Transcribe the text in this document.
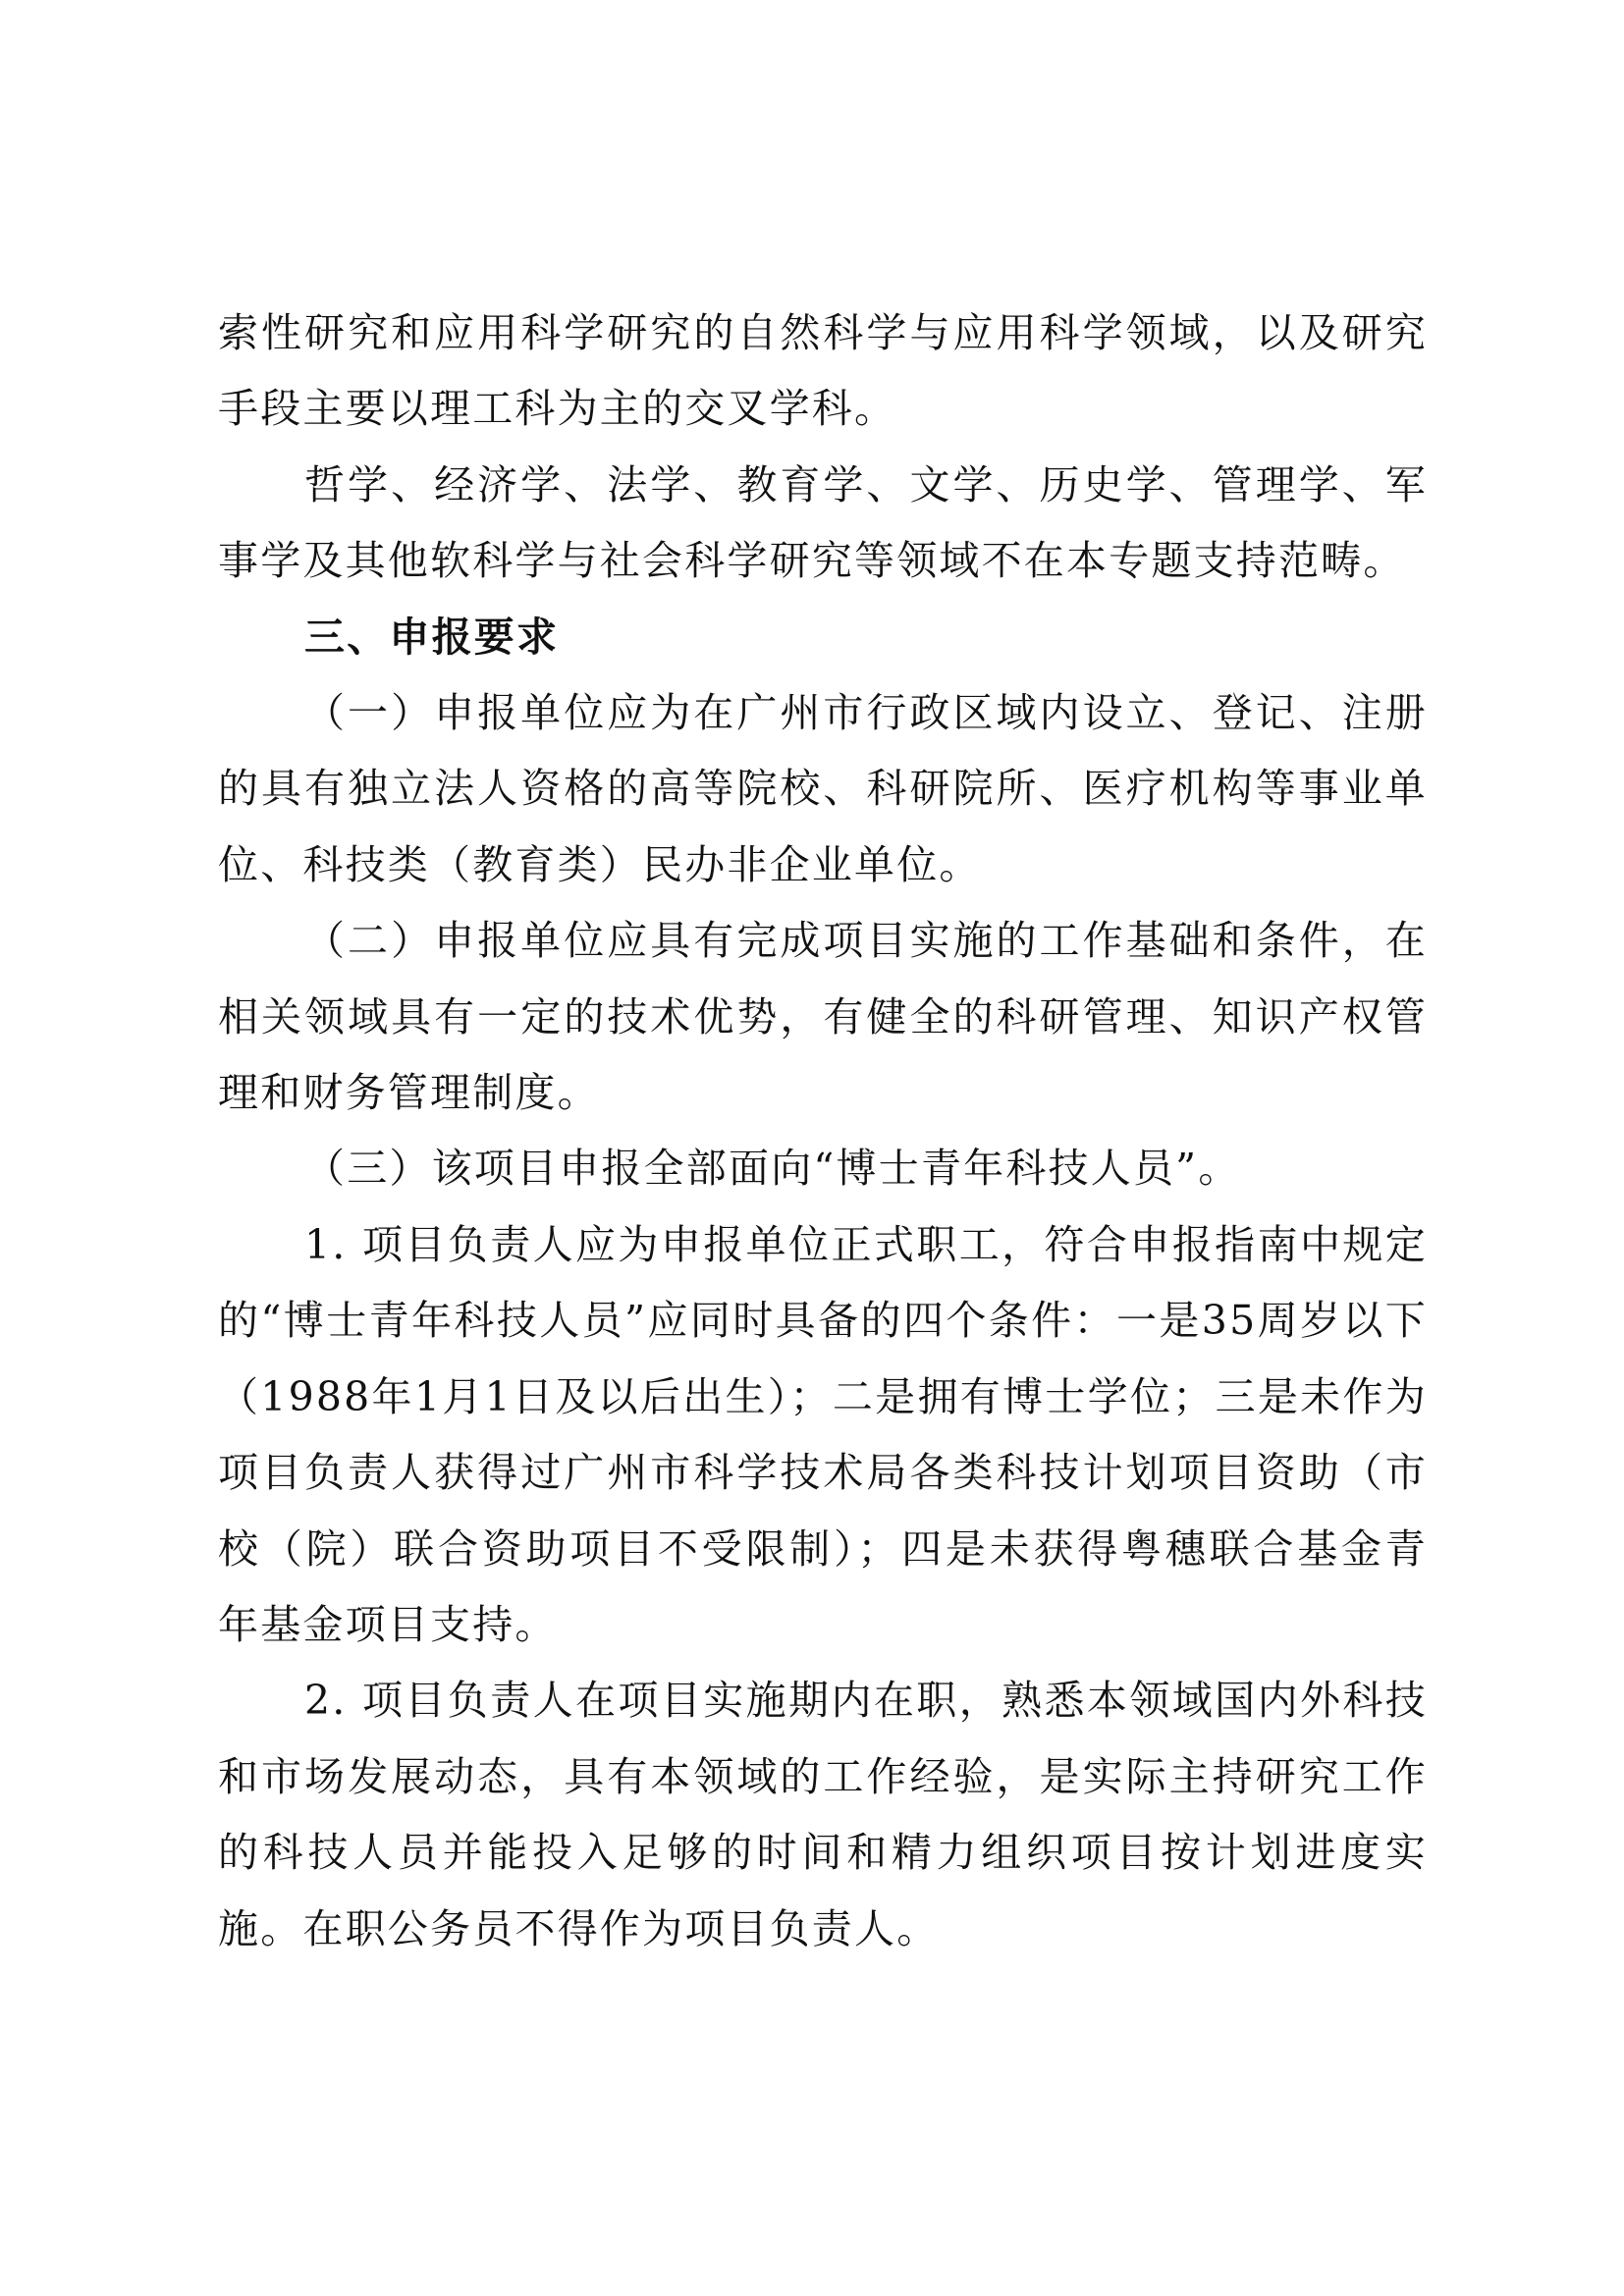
索性研究和应用科学研究的自然科学与应用科学领域，以及研究手段主要以理工科为主的交叉学科。

哲学、经济学、法学、教育学、文学、历史学、管理学、军事学及其他软科学与社会科学研究等领域不在本专题支持范畴。

三、申报要求

（一）申报单位应为在广州市行政区域内设立、登记、注册的具有独立法人资格的高等院校、科研院所、医疗机构等事业单位、科技类（教育类）民办非企业单位。

（二）申报单位应具有完成项目实施的工作基础和条件，在相关领域具有一定的技术优势，有健全的科研管理、知识产权管理和财务管理制度。

（三）该项目申报全部面向“博士青年科技人员”。

1. 项目负责人应为申报单位正式职工，符合申报指南中规定的“博士青年科技人员”应同时具备的四个条件：一是35周岁以下（1988年1月1日及以后出生）；二是拥有博士学位；三是未作为项目负责人获得过广州市科学技术局各类科技计划项目资助（市校（院）联合资助项目不受限制）；四是未获得粤穗联合基金青年基金项目支持。

2. 项目负责人在项目实施期内在职，熟悉本领域国内外科技和市场发展动态，具有本领域的工作经验，是实际主持研究工作的科技人员并能投入足够的时间和精力组织项目按计划进度实施。在职公务员不得作为项目负责人。
